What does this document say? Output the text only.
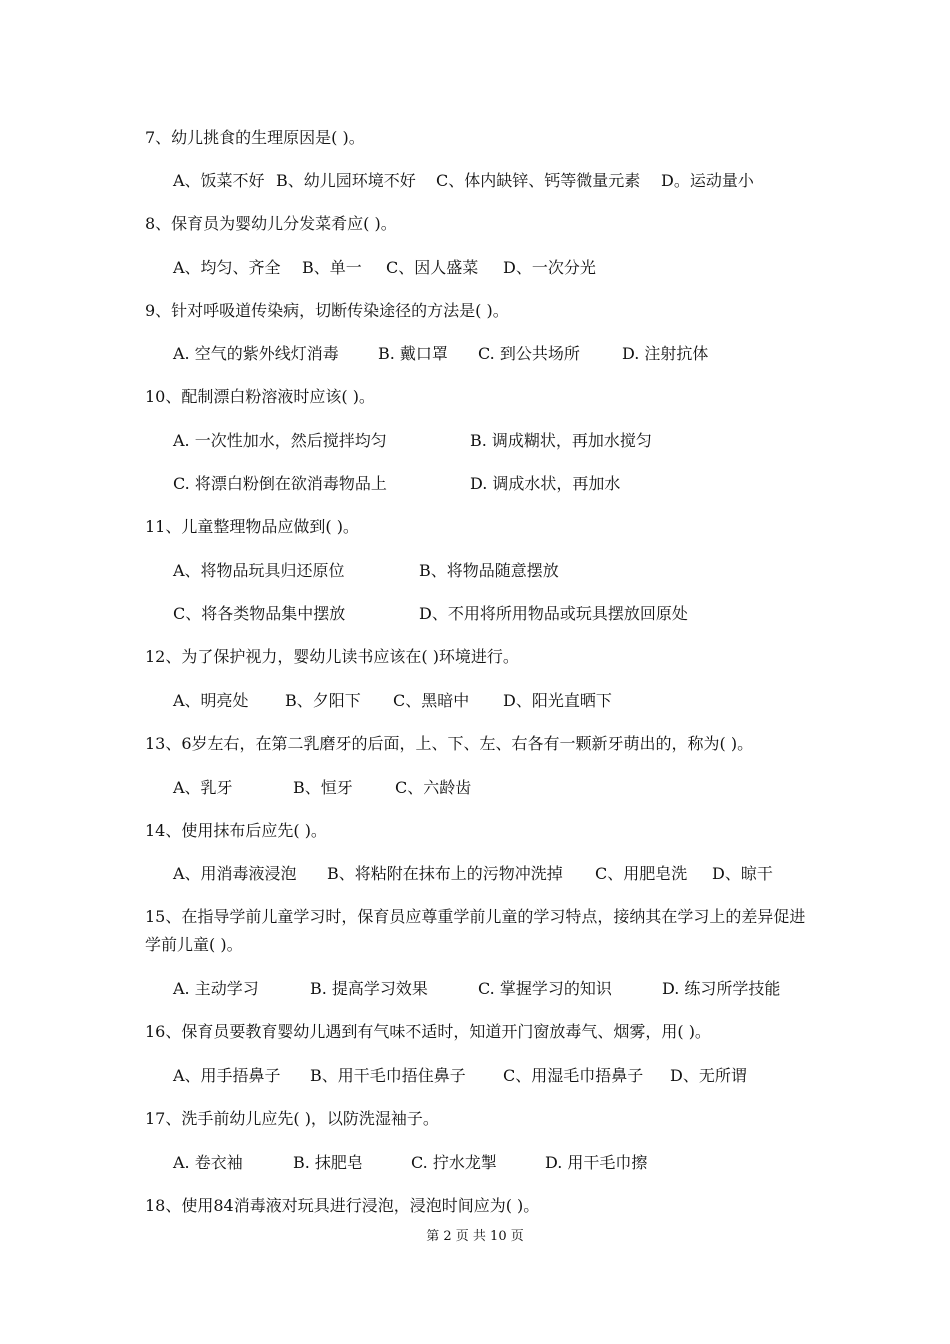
7、幼儿挑食的生理原因是( )。
A、饭菜不好 B、幼儿园环境不好 C、体内缺锌、钙等微量元素 D。运动量小
8、保育员为婴幼儿分发菜肴应( )。
A、均匀、齐全 B、单一 C、因人盛菜 D、一次分光
9、针对呼吸道传染病，切断传染途径的方法是( )。
A. 空气的紫外线灯消毒 B. 戴口罩 C. 到公共场所	D. 注射抗体
10、配制漂白粉溶液时应该( )。
A. 一次性加水，然后搅拌均匀	B. 调成糊状，再加水搅匀
C. 将漂白粉倒在欲消毒物品上	D. 调成水状，再加水
11、儿童整理物品应做到( )。
A、将物品玩具归还原位	B、将物品随意摆放
C、将各类物品集中摆放	D、不用将所用物品或玩具摆放回原处
12、为了保护视力，婴幼儿读书应该在( )环境进行。
A、明亮处 B、夕阳下 C、黑暗中 D、阳光直晒下
13、6岁左右，在第二乳磨牙的后面，上、下、左、右各有一颗新牙萌出的，称为( )。
A、乳牙	B、恒牙	C、六龄齿
14、使用抹布后应先( )。
A、用消毒液浸泡 B、将粘附在抹布上的污物冲洗掉 C、用肥皂洗 D、晾干
15、在指导学前儿童学习时，保育员应尊重学前儿童的学习特点，接纳其在学习上的差异促进学前儿童( )。
A. 主动学习	B. 提高学习效果	C. 掌握学习的知识	D. 练习所学技能
16、保育员要教育婴幼儿遇到有气味不适时，知道开门窗放毒气、烟雾，用( )。
A、用手捂鼻子 B、用干毛巾捂住鼻子 C、用湿毛巾捂鼻子 D、无所谓
17、洗手前幼儿应先( )，以防洗湿袖子。
A. 卷衣袖	B. 抹肥皂	C. 拧水龙掣	D. 用干毛巾擦
18、使用84消毒液对玩具进行浸泡，浸泡时间应为( )。
第 2 页 共 10 页
